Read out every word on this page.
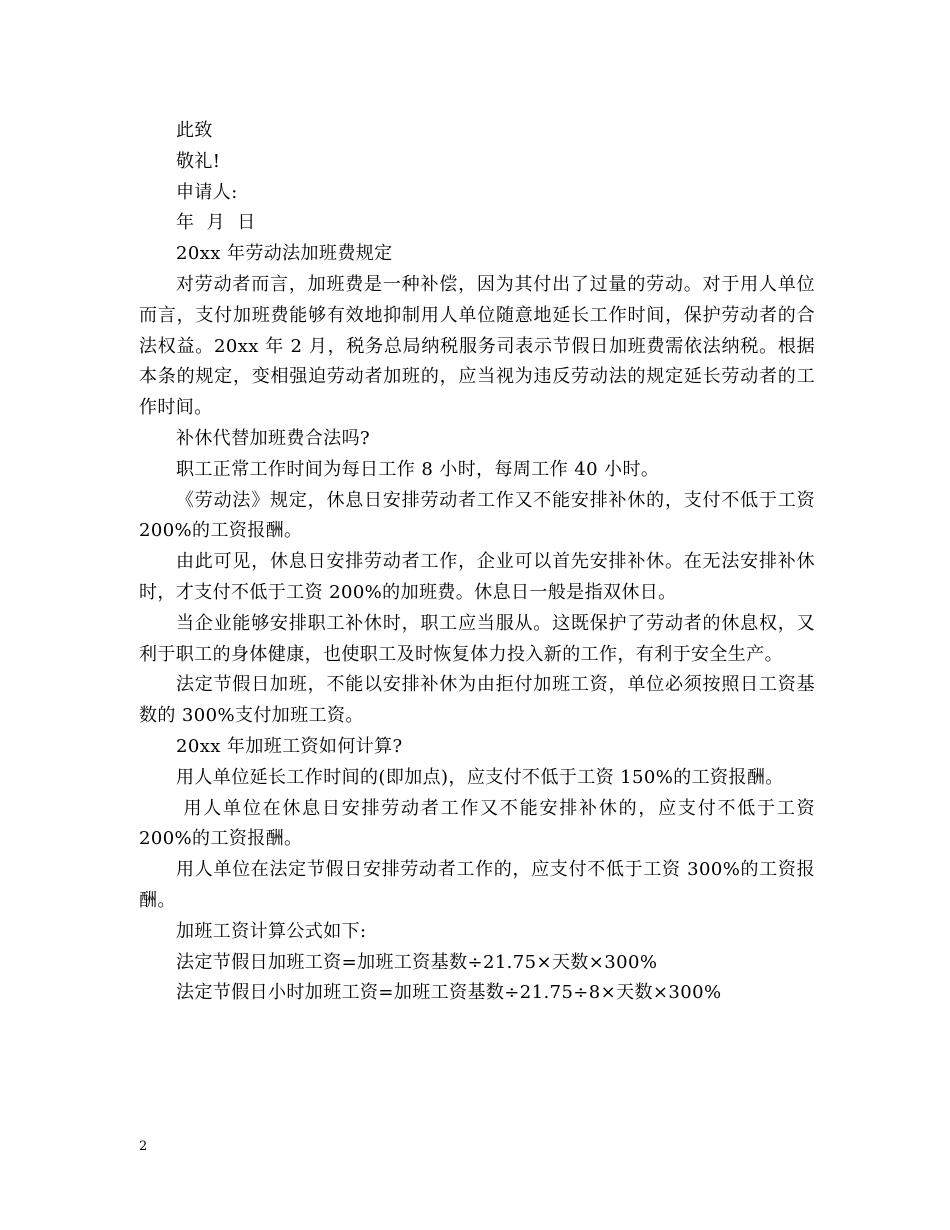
此致

敬礼!

申请人:

年  月  日

20xx 年劳动法加班费规定

对劳动者而言，加班费是一种补偿，因为其付出了过量的劳动。对于用人单位而言，支付加班费能够有效地抑制用人单位随意地延长工作时间，保护劳动者的合法权益。20xx 年 2 月，税务总局纳税服务司表示节假日加班费需依法纳税。根据本条的规定，变相强迫劳动者加班的，应当视为违反劳动法的规定延长劳动者的工作时间。

补休代替加班费合法吗?

职工正常工作时间为每日工作 8 小时，每周工作 40 小时。

《劳动法》规定，休息日安排劳动者工作又不能安排补休的，支付不低于工资 200%的工资报酬。

由此可见，休息日安排劳动者工作，企业可以首先安排补休。在无法安排补休时，才支付不低于工资 200%的加班费。休息日一般是指双休日。

当企业能够安排职工补休时，职工应当服从。这既保护了劳动者的休息权，又利于职工的身体健康，也使职工及时恢复体力投入新的工作，有利于安全生产。

法定节假日加班，不能以安排补休为由拒付加班工资，单位必须按照日工资基数的 300%支付加班工资。

20xx 年加班工资如何计算?

用人单位延长工作时间的(即加点)，应支付不低于工资 150%的工资报酬。

用人单位在休息日安排劳动者工作又不能安排补休的，应支付不低于工资 200%的工资报酬。

用人单位在法定节假日安排劳动者工作的，应支付不低于工资 300%的工资报酬。

加班工资计算公式如下:

法定节假日加班工资=加班工资基数÷21.75×天数×300%

法定节假日小时加班工资=加班工资基数÷21.75÷8×天数×300%

2
